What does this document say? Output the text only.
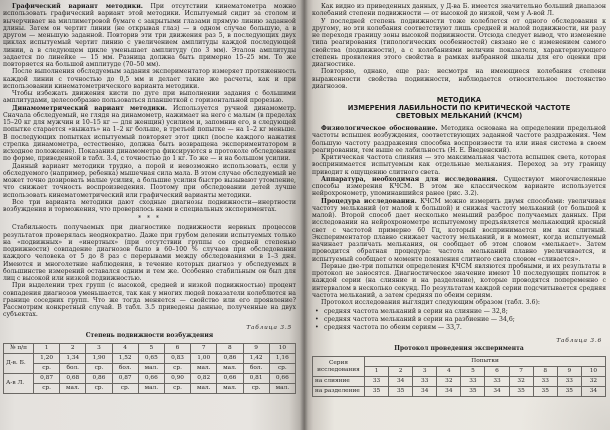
Графический вариант методики. При отсутствии кинематометра можно использовать графический вариант этой методики. Испытуемый сидит за столом и вычерчивает на миллиметровой бумаге с закрытыми глазами прямую линию заданной длины. Затем он чертит линии (не открывая глаз) — в одном случае большую, а в другом — меньшую заданной. Повторив эти три движения раз 5, в последующих двух циклах испытуемый чертит линию с увеличением амплитуды каждой последующей линии, а в следующем цикле уменьшает амплитуду (по 3 мм). Эталон амплитуды задается по линейке — 15 мм. Разница должна быть примерно 15–25 мм. То же повторяется на большой амплитуде (70–50 мм).

После выполнения обследуемым задания экспериментатор измеряет протяженность каждой линии с точностью до 0,5 мм и делает такие же расчеты, как и при использовании кинематометрического варианта методики.

Чтобы избежать движения кисти по дуге при выполнении задания с большими амплитудами, целесообразно пользоваться планшеткой с горизонтальной прорезью.

Динамометрический вариант методики. Используется ручной динамометр. Сначала обследуемый, не глядя на динамометр, нажимает на него с малым (в пределах 15–20 кг для мужчин и 10–15 кг — для женщин) усилием и, запомнив его, в следующей попытке старается «выжать» на 1–2 кг больше, в третьей попытке — на 1–2 кг меньше. В последующих попытках испытуемый повторяет этот цикл (после каждого нажатия стрелка динамометра, естественно, должна быть возвращена экспериментатором в исходное положение). Показания динамометра фиксируются в протоколе обследования по форме, приведенной в табл. 3.4, с точностью до 1 кг. То же — и на большом усилии.

Данный вариант методики трудно, а порой и невозможно использовать, если у обследуемого (например, ребенка) мышечная сила мала. В этом случае обследуемый не может точно дозировать малые усилия, а большие усилия быстро вызывают утомление, что снижает точность воспроизведения. Поэтому при обследовании детей лучше использовать кинематометрический или графический варианты методики.

Все три варианта методики дают сходные диагнозы подвижности—инертности возбуждения и торможения, что проверялось нами в специальных экспериментах.

* * *

Стабильность получаемых при диагностике подвижности нервных процессов результатов проверялась неоднократно. Даже при грубом делении испытуемых только на «подвижных» и «инертных» (при отсутствии группы со средней степенью подвижности) совпадение диагнозов было в 60–100 % случаев при обследовании каждого человека от 5 до 8 раз с перерывами между обследованиями в 1–3 дня. Имеются и многолетние наблюдения, в течение которых диагноз у обследуемых в большинстве измерений оставался одним и тем же. Особенно стабильным он был для лиц с высокой или низкой подвижностью.

При выделении трех групп (с высокой, средней и низкой подвижностью) процент совпадения диагнозов уменьшается, так как у многих людей показатели колеблются на границе соседних групп. Что же тогда меняется — свойство или его проявление? Рассмотрим конкретный случай. В табл. 3.5 приведены данные, полученные на двух субъектах.

Таблица 3.5
Степень подвижности возбуждения
№ п/п	1	2	3	4	5	6	7	8	9	10
Д-в. Б.	1,20	1,34	1,90	1,52	0,65	0,83	1,00	0,86	1,42	1,16
	ср.	бол.	ср.	бол.	мал.	ср.	мал.	мал.	бол.	ср.
А-в Л.	0,87	0,68	0,86	0,87	0,66	0,90	0,82	0,66	0,81	0,66
	ср.	мал.	ср.	ср.	мал.	ср.	мал.	мал.	ср.	мал.

Как видно из приведенных данных, у Д-ва Б. имеется значительно больший диапазон колебаний степени подвижности — от высокой до низкой, чем у А-вой Л.

У последней степень подвижности тоже колеблется от одного обследования к другому, но эти колебания соответствуют лишь средней и малой подвижности, ни разу не переходя границу зоны высокой подвижности. Отсюда следует вывод, что изменение типа реагирования (типологических особенностей) связано не с изменением самого свойства (подвижности), а с колебаниями величин показателя, характеризующего степень проявления этого свойства в рамках выбранной шкалы для его оценки при диагностике.

Повторяю, однако, еще раз: несмотря на имеющиеся колебания степени выраженности свойства подвижности, наблюдается относительное постоянство диагнозов.

МЕТОДИКА
ИЗМЕРЕНИЯ ЛАБИЛЬНОСТИ ПО КРИТИЧЕСКОЙ ЧАСТОТЕ
СВЕТОВЫХ МЕЛЬКАНИЙ (КЧСМ)

Физиологическое обоснование. Методика основана на определении предельной частоты вспышек возбуждения, соответствующих заданной частоте раздражения. Чем большую частоту раздражения способна воспроизвести та или иная система в своем реагировании, тем выше ее лабильность (Н. Е. Введенский).

Критическая частота слияния — это максимальная частота вспышек света, которая воспринимается испытуемым как отдельные мелькания. Переход за эту границу приводит к ощущению слитного света.

Аппаратура, необходимая для исследования. Существуют многочисленные способы измерения КЧСМ. В этом же классическом варианте используется нейрохронометр, упоминавшийся ранее (рис. 3.2).

Процедура исследования. КЧСМ можно измерить двумя способами: увеличивая частоту мельканий (от малой к большой) и снижая частоту мельканий (от большой к малой). Второй способ дает несколько меньший разброс получаемых данных. При исследовании на нейрохронометре испытуемому предъявляется мелькающий красный свет с частотой примерно 60 Гц, который воспринимается им как слитный. Экспериментатор плавно снижает частоту мельканий, и в момент, когда испытуемый начинает различать мелькания, он сообщает об этом словом «мелькает». Затем проводится обратная процедура: частота мельканий плавно увеличивается, и испытуемый сообщает о моменте появления слитного света словом «сливается».

Первые две-три попытки определения КЧСМ являются пробными, и их результаты в протокол не заносятся. Диагностическое значение имеют 10 последующих попыток в каждой серии (на слияние и на разделение), которые проводятся попеременно с интервалом в несколько секунд. По результатам каждой серии подсчитывается средняя частота мельканий, а затем средняя по обеим сериям.

Протокол исследования выглядит следующим образом (табл. 3.6):

• средняя частота мельканий в серии на слияние — 32,8;
• средняя частота мельканий в серии на разбиение — 34,6;
• средняя частота по обеим сериям — 33,7.
Таблица 3.6
Протокол проведения эксперимента
Серия исследования	Попытки									
	1	2	3	4	5	6	7	8	9	10
на слияние	33	34	33	32	33	33	32	33	33	32
на разделение	35	35	34	34	35	34	35	35	35	34
